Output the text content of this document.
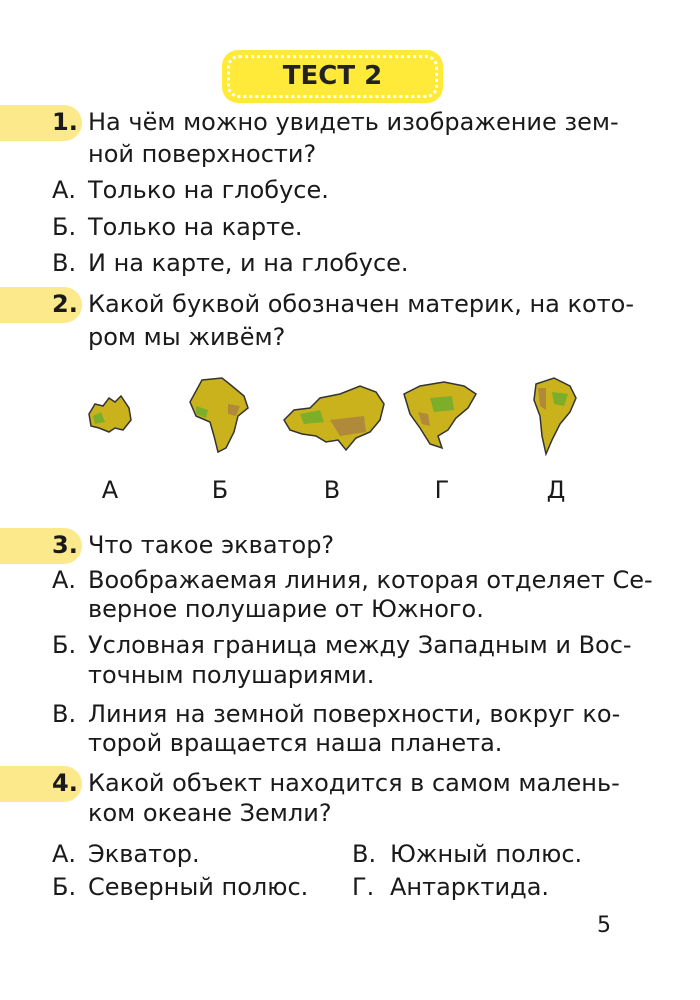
ТЕСТ 2
1. На чём можно увидеть изображение зем-
ной поверхности?
А. Только на глобусе.
Б. Только на карте.
В. И на карте, и на глобусе.
2. Какой буквой обозначен материк, на кото-
ром мы живём?
А	Б	В	Г	Д
3. Что такое экватор?
А. Воображаемая линия, которая отделяет Се-
верное полушарие от Южного.
Б. Условная граница между Западным и Вос-
точным полушариями.
В. Линия на земной поверхности, вокруг ко-
торой вращается наша планета.
4. Какой объект находится в самом малень-
ком океане Земли?
А. Экватор.
Б. Северный полюс.
В. Южный полюс.
Г. Антарктида.
5
